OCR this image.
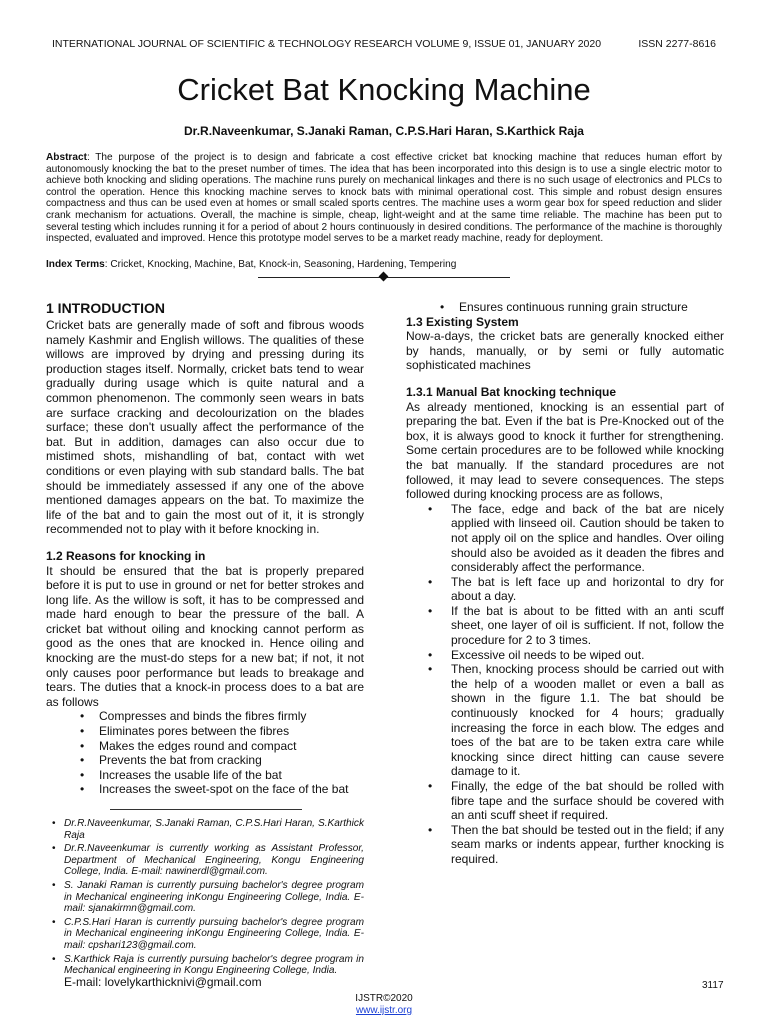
INTERNATIONAL JOURNAL OF SCIENTIFIC & TECHNOLOGY RESEARCH VOLUME 9, ISSUE 01, JANUARY 2020	ISSN 2277-8616
Cricket Bat Knocking Machine
Dr.R.Naveenkumar, S.Janaki Raman, C.P.S.Hari Haran, S.Karthick Raja

Abstract: The purpose of the project is to design and fabricate a cost effective cricket bat knocking machine that reduces human effort by autonomously knocking the bat to the preset number of times. The idea that has been incorporated into this design is to use a single electric motor to achieve both knocking and sliding operations. The machine runs purely on mechanical linkages and there is no such usage of electronics and PLCs to control the operation. Hence this knocking machine serves to knock bats with minimal operational cost. This simple and robust design ensures compactness and thus can be used even at homes or small scaled sports centres. The machine uses a worm gear box for speed reduction and slider crank mechanism for actuations. Overall, the machine is simple, cheap, light-weight and at the same time reliable. The machine has been put to several testing which includes running it for a period of about 2 hours continuously in desired conditions. The performance of the machine is thoroughly inspected, evaluated and improved. Hence this prototype model serves to be a market ready machine, ready for deployment.

Index Terms: Cricket, Knocking, Machine, Bat, Knock-in, Seasoning, Hardening, Tempering
1 INTRODUCTION

Cricket bats are generally made of soft and fibrous woods namely Kashmir and English willows. The qualities of these willows are improved by drying and pressing during its production stages itself. Normally, cricket bats tend to wear gradually during usage which is quite natural and a common phenomenon. The commonly seen wears in bats are surface cracking and decolourization on the blades surface; these don't usually affect the performance of the bat. But in addition, damages can also occur due to mistimed shots, mishandling of bat, contact with wet conditions or even playing with sub standard balls. The bat should be immediately assessed if any one of the above mentioned damages appears on the bat. To maximize the life of the bat and to gain the most out of it, it is strongly recommended not to play with it before knocking in.

1.2 Reasons for knocking in

It should be ensured that the bat is properly prepared before it is put to use in ground or net for better strokes and long life. As the willow is soft, it has to be compressed and made hard enough to bear the pressure of the ball. A cricket bat without oiling and knocking cannot perform as good as the ones that are knocked in. Hence oiling and knocking are the must-do steps for a new bat; if not, it not only causes poor performance but leads to breakage and tears. The duties that a knock-in process does to a bat are as follows

• Compresses and binds the fibres firmly
• Eliminates pores between the fibres
• Makes the edges round and compact
• Prevents the bat from cracking
• Increases the usable life of the bat
• Increases the sweet-spot on the face of the bat
• Ensures continuous running grain structure
1.3 Existing System

Now-a-days, the cricket bats are generally knocked either by hands, manually, or by semi or fully automatic sophisticated machines

1.3.1 Manual Bat knocking technique

As already mentioned, knocking is an essential part of preparing the bat. Even if the bat is Pre-Knocked out of the box, it is always good to knock it further for strengthening. Some certain procedures are to be followed while knocking the bat manually. If the standard procedures are not followed, it may lead to severe consequences. The steps followed during knocking process are as follows,

• The face, edge and back of the bat are nicely applied with linseed oil. Caution should be taken to not apply oil on the splice and handles. Over oiling should also be avoided as it deaden the fibres and considerably affect the performance.
• The bat is left face up and horizontal to dry for about a day.
• If the bat is about to be fitted with an anti scuff sheet, one layer of oil is sufficient. If not, follow the procedure for 2 to 3 times.
• Excessive oil needs to be wiped out.
• Then, knocking process should be carried out with the help of a wooden mallet or even a ball as shown in the figure 1.1. The bat should be continuously knocked for 4 hours; gradually increasing the force in each blow. The edges and toes of the bat are to be taken extra care while knocking since direct hitting can cause severe damage to it.
• Finally, the edge of the bat should be rolled with fibre tape and the surface should be covered with an anti scuff sheet if required.
• Then the bat should be tested out in the field; if any seam marks or indents appear, further knocking is required.
• Dr.R.Naveenkumar, S.Janaki Raman, C.P.S.Hari Haran, S.Karthick Raja
• Dr.R.Naveenkumar is currently working as Assistant Professor, Department of Mechanical Engineering, Kongu Engineering College, India. E-mail: nawinerdl@gmail.com.
• S. Janaki Raman is currently pursuing bachelor's degree program in Mechanical engineering inKongu Engineering College, India. E-mail: sjanakirmn@gmail.com.
• C.P.S.Hari Haran is currently pursuing bachelor's degree program in Mechanical engineering inKongu Engineering College, India. E-mail: cpshari123@gmail.com.
• S.Karthick Raja is currently pursuing bachelor's degree program in Mechanical engineering in Kongu Engineering College, India.
E-mail: lovelykarthicknivi@gmail.com	3117
IJSTR©2020
www.ijstr.org
